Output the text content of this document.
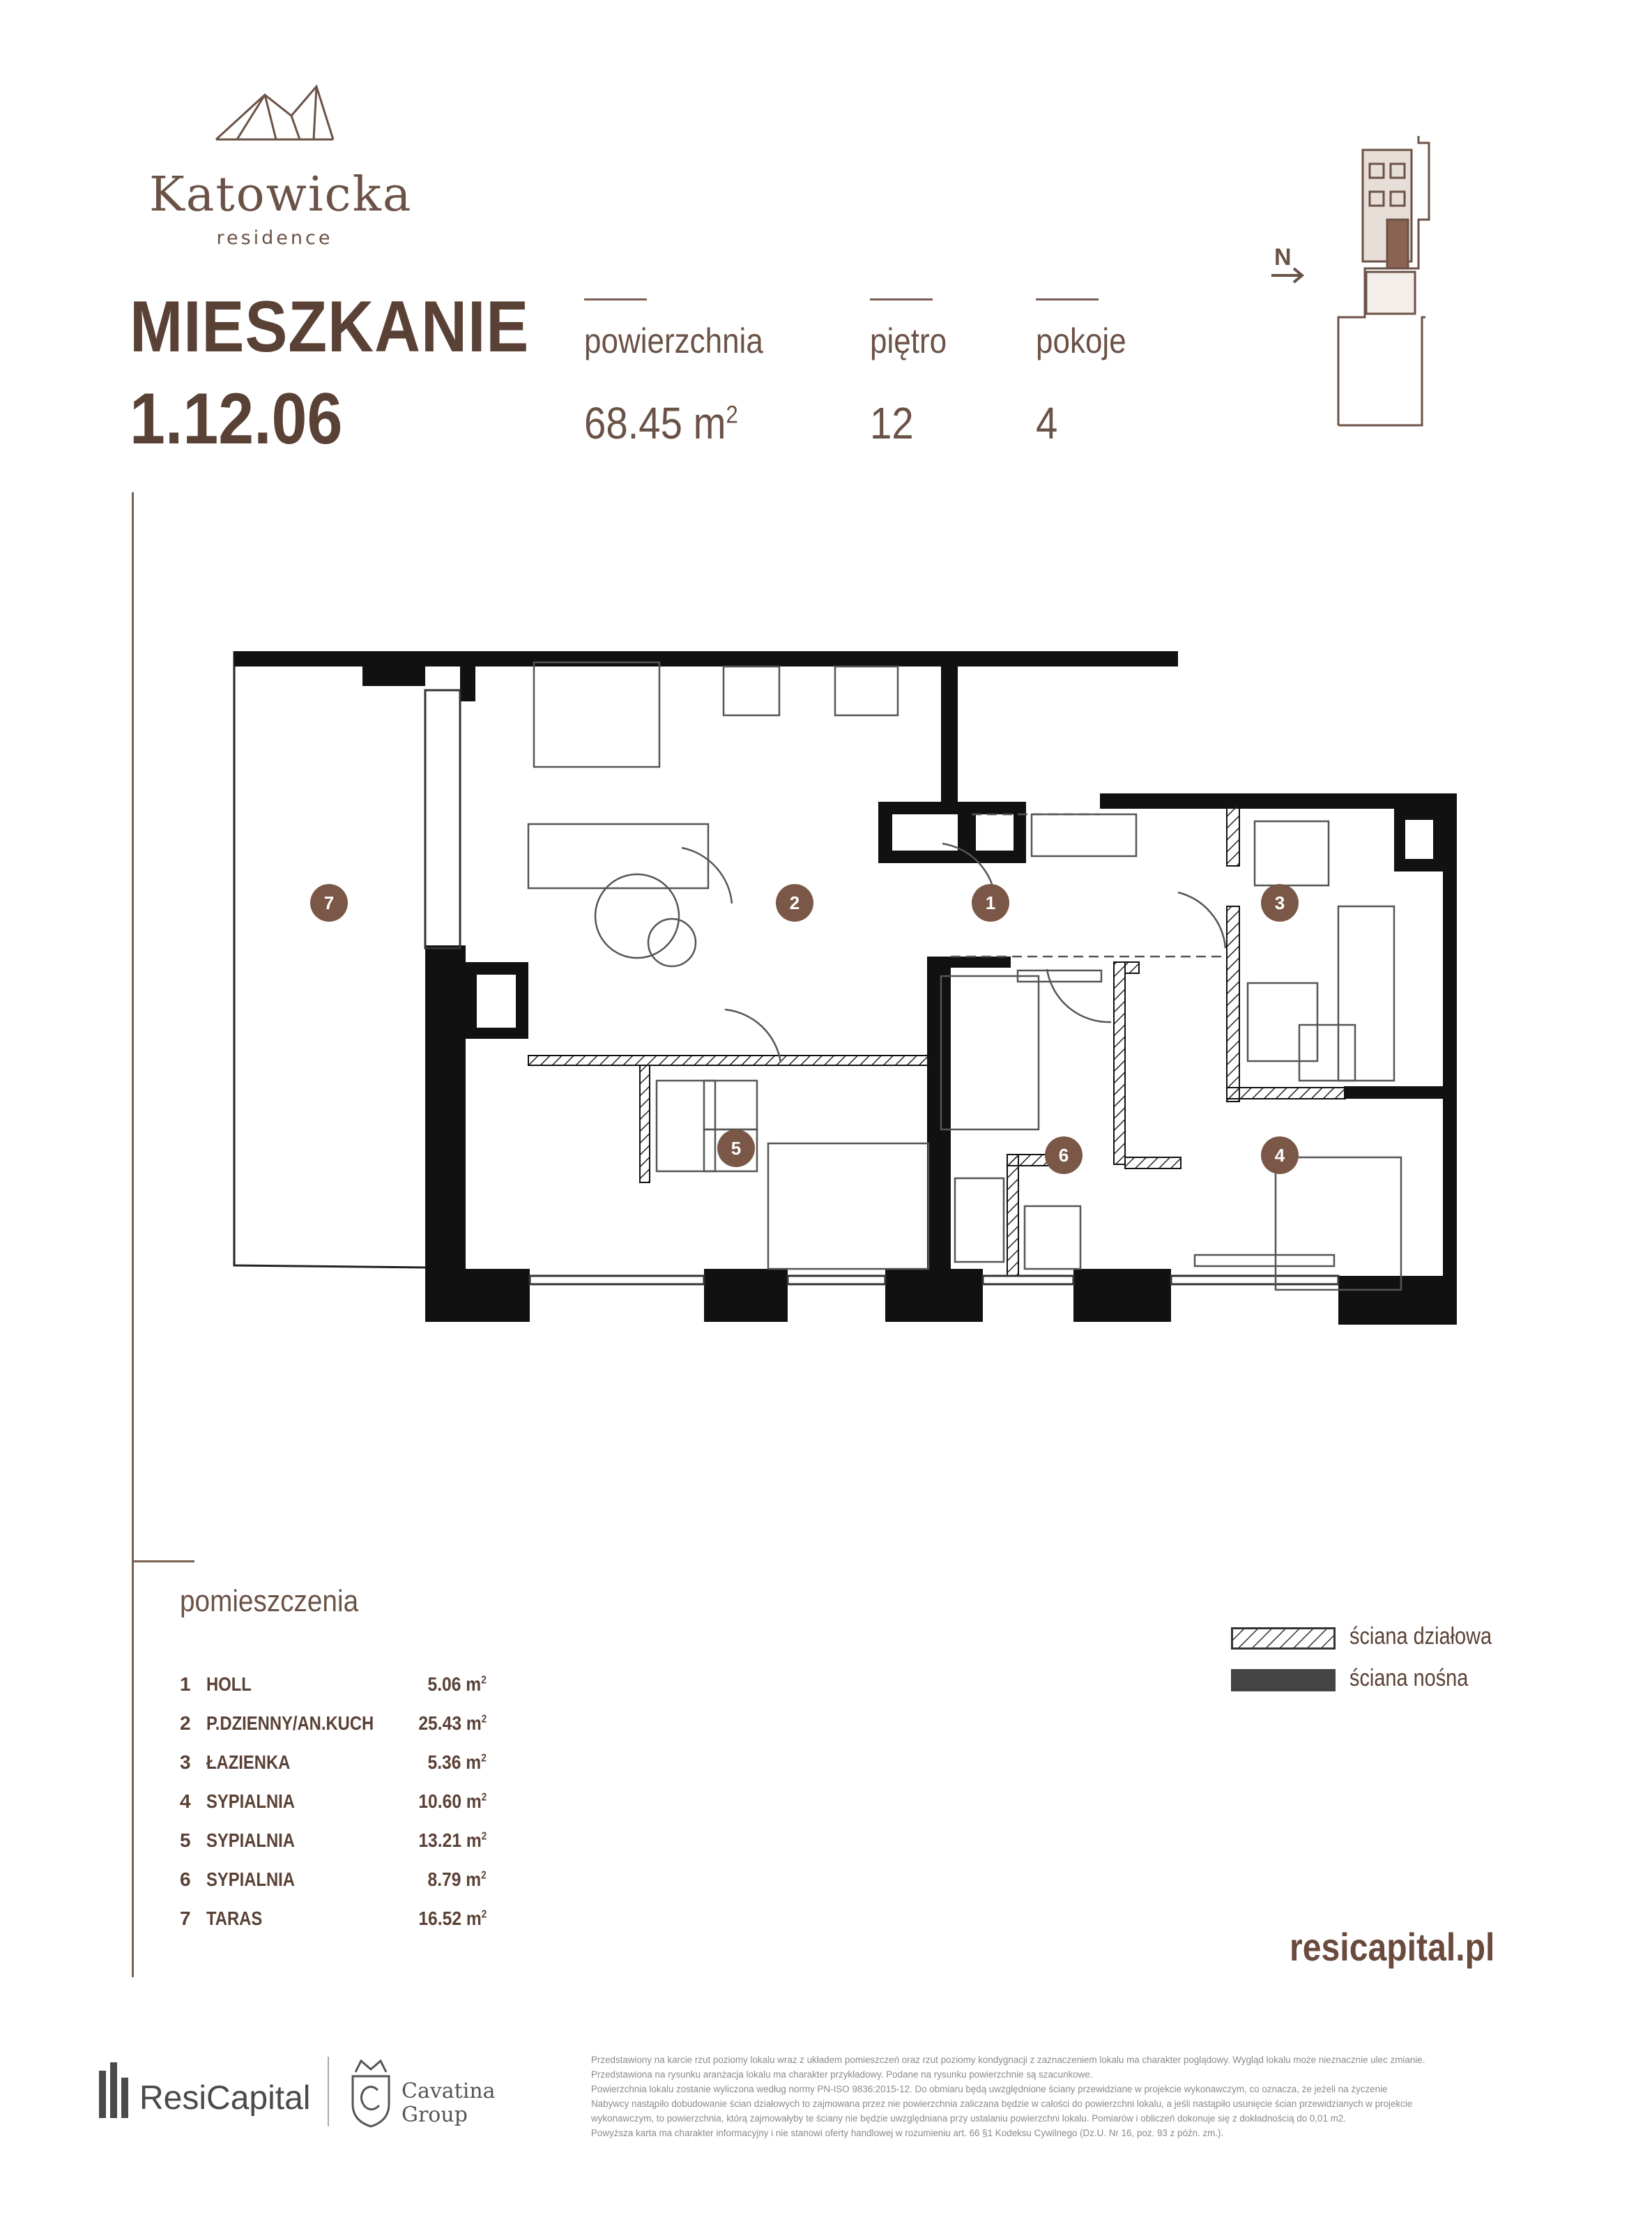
Katowicka
residence
MIESZKANIE
1.12.06
powierzchnia
68.45 $m^2$
piętro
12
pokoje
4
N
1
2	3
4
5	6
7
pomieszczenia
1 HOLL	5.06 $m^2$
2 P.DZIENNY/AN.KUCH 25.43 $m^2$
3 ŁAZIENKA	5.36 $m^2$
4 SYPIALNIA	10.60 $m^2$
5 SYPIALNIA	13.21 $m^2$
6 SYPIALNIA	8.79 $m^2$
7 TARAS	16.52 $m^2$
ściana działowa
ściana nośna
resicapital.pl
ResiCapital	Cavatina
Group
Przedstawiony na karcie rzut poziomy lokalu wraz z układem pomieszczeń oraz rzut poziomy kondygnacji z zaznaczeniem lokalu ma charakter poglądowy. Wygląd lokalu może nieznacznie ulec zmianie.
Przedstawiona na rysunku aranżacja lokalu ma charakter przykładowy. Podane na rysunku powierzchnie są szacunkowe.
Powierzchnia lokalu zostanie wyliczona według normy PN-ISO 9836:2015-12. Do obmiaru będą uwzględnione ściany przewidziane w projekcie wykonawczym, co oznacza, że jeżeli na życzenie
Nabywcy nastąpiło dobudowanie ścian działowych to zajmowana przez nie powierzchnia zaliczana będzie w całości do powierzchni lokalu, a jeśli nastąpiło usunięcie ścian przewidzianych w projekcie
wykonawczym, to powierzchnia, którą zajmowałyby te ściany nie będzie uwzględniana przy ustalaniu powierzchni lokalu. Pomiarów i obliczeń dokonuje się z dokładnością do 0,01 m2.
Powyższa karta ma charakter informacyjny i nie stanowi oferty handlowej w rozumieniu art. 66 §1 Kodeksu Cywilnego (Dz.U. Nr 16, poz. 93 z późn. zm.).
